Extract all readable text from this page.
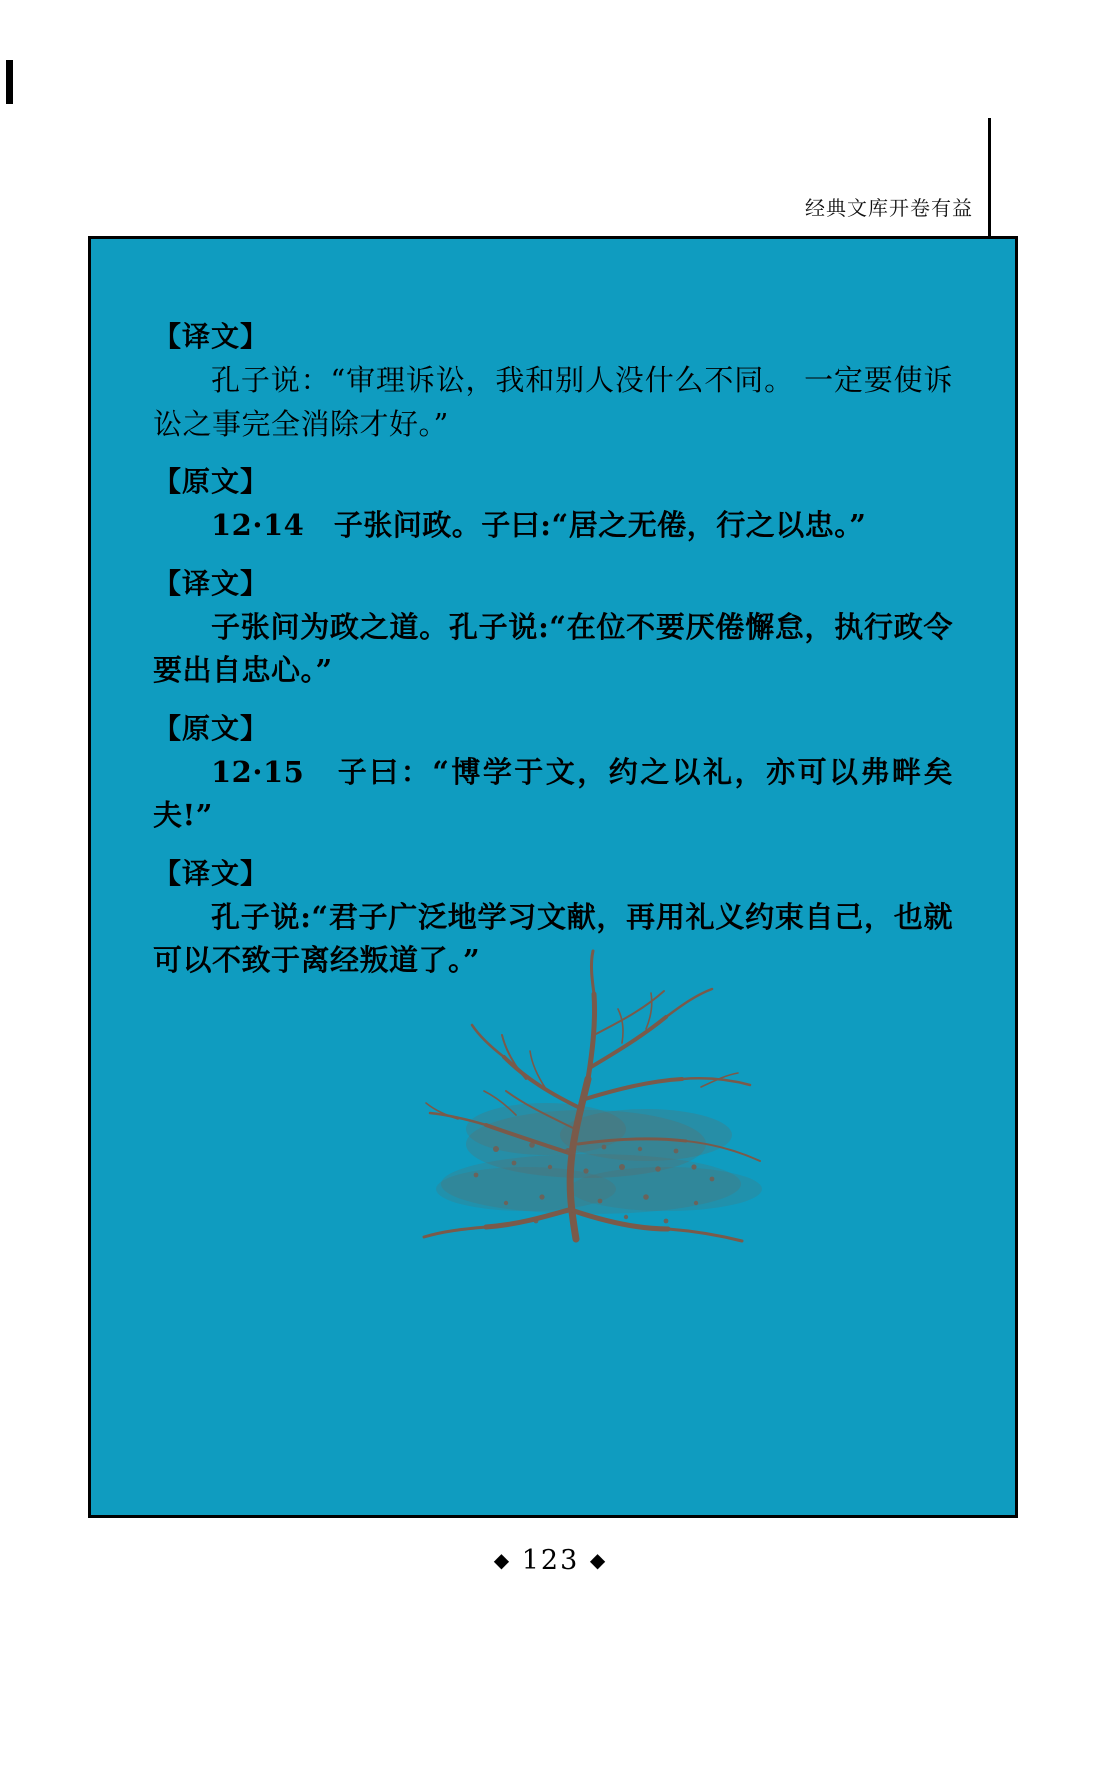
经典文库开卷有益
【译文】
孔子说：“审理诉讼，我和别人没什么不同。 一定要使诉讼之事完全消除才好。”
【原文】
12·14　子张问政。子曰:“居之无倦，行之以忠。”
【译文】
子张问为政之道。孔子说:“在位不要厌倦懈怠，执行政令要出自忠心。”
【原文】
12·15　子曰：“博学于文，约之以礼，亦可以弗畔矣夫!”
【译文】
孔子说:“君子广泛地学习文献，再用礼义约束自己，也就可以不致于离经叛道了。”
◆ 123 ◆
